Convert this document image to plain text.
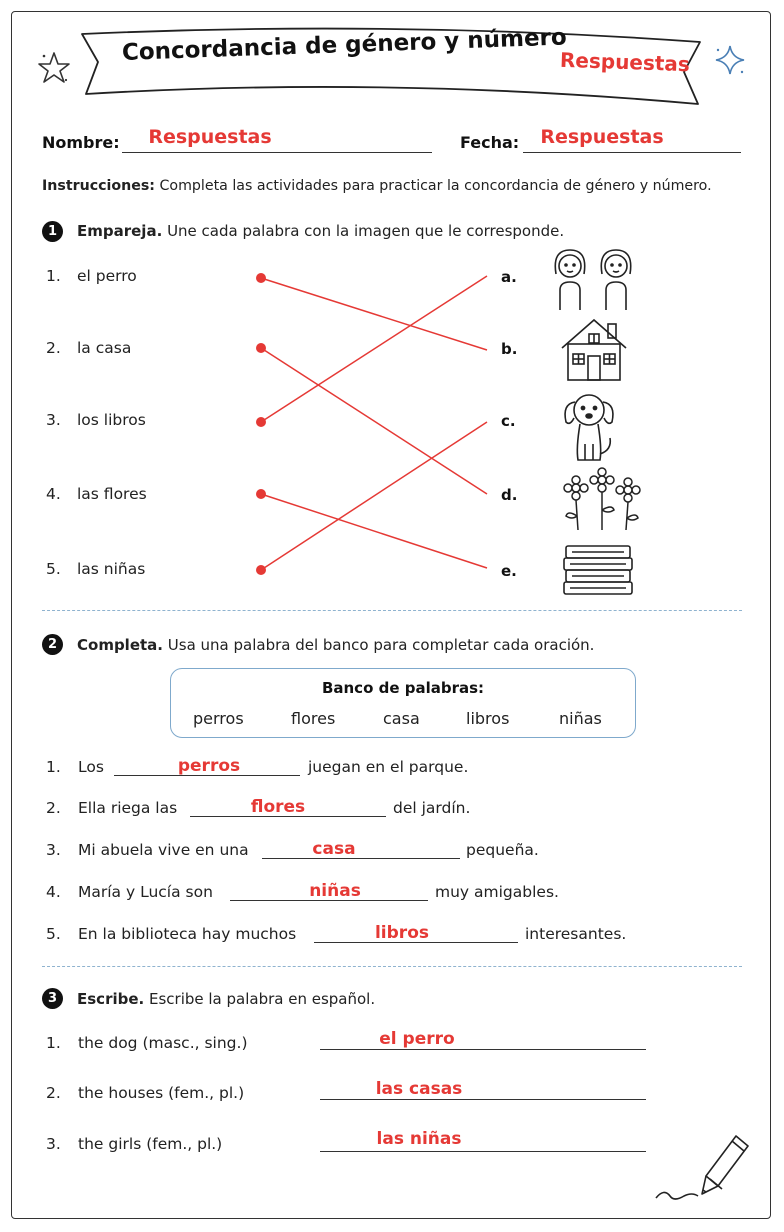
Concordancia de género y número
Respuestas
Nombre:	Respuestas	Fecha:	Respuestas
Instrucciones: Completa las actividades para practicar la concordancia de género y número.
1	Empareja. Une cada palabra con la imagen que le corresponde.
1. el perro
2. la casa
3. los libros
4. las flores
5. las niñas
a.
b.
c.
d.
e.
2	Completa. Usa una palabra del banco para completar cada oración.
Banco de palabras:
perros	flores	casa	libros	niñas
1. Los	perros	juegan en el parque.
2. Ella riega las	flores	del jardín.
3. Mi abuela vive en una	casa	pequeña.
4. María y Lucía son	niñas	muy amigables.
5. En la biblioteca hay muchos	libros	interesantes.
3	Escribe. Escribe la palabra en español.
1. the dog (masc., sing.)	el perro
2. the houses (fem., pl.)	las casas
3. the girls (fem., pl.)	las niñas
